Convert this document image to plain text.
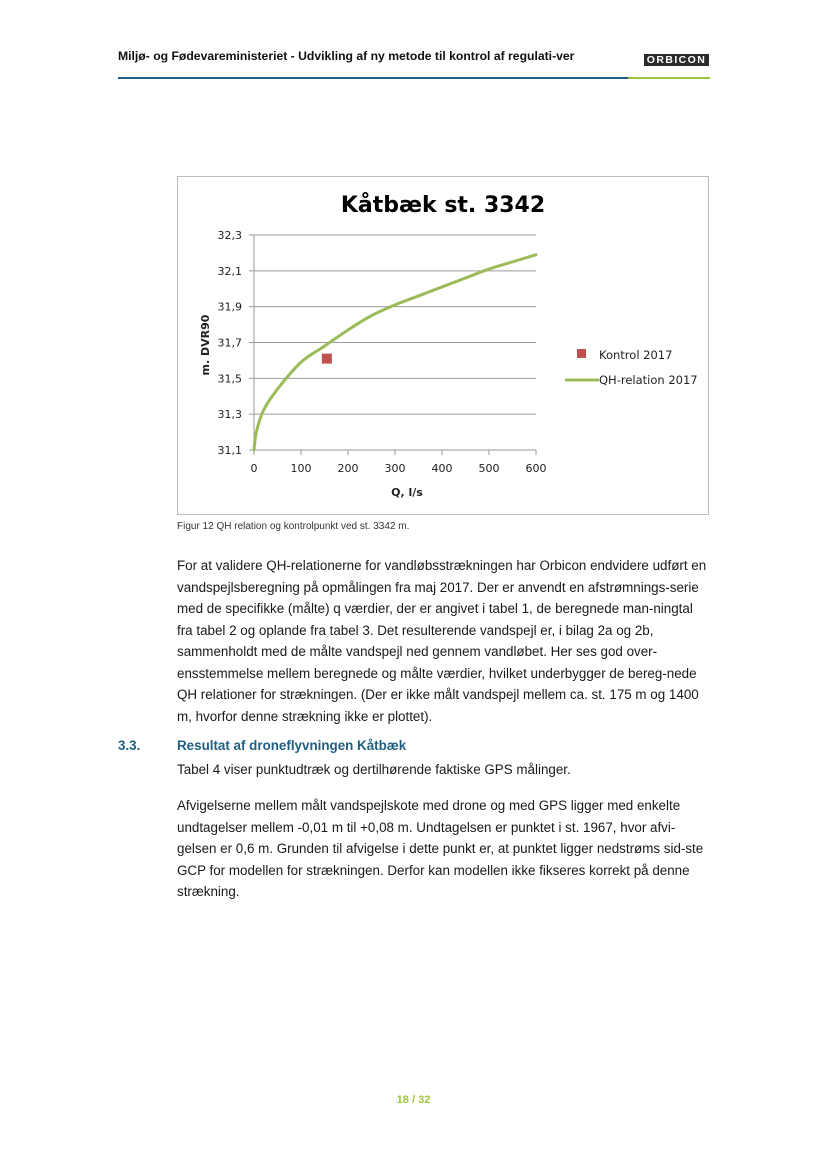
Miljø- og Fødevareministeriet - Udvikling af ny metode til kontrol af regulati-ver	ORBICON
32,3
32,1
31,9
31,7
31,5
31,3
31,1
0	100 200 300 400 500 600
Kåtbæk st. 3342
Q, l/s
m. DVR90	Kontrol 2017
QH-relation 2017
Figur 12 QH relation og kontrolpunkt ved st. 3342 m.

For at validere QH-relationerne for vandløbsstrækningen har Orbicon endvidere udført en vandspejlsberegning på opmålingen fra maj 2017. Der er anvendt en afstrømnings-serie med de specifikke (målte) q værdier, der er angivet i tabel 1, de beregnede man-ningtal fra tabel 2 og oplande fra tabel 3. Det resulterende vandspejl er, i bilag 2a og 2b, sammenholdt med de målte vandspejl ned gennem vandløbet. Her ses god over-ensstemmelse mellem beregnede og målte værdier, hvilket underbygger de bereg-nede QH relationer for strækningen. (Der er ikke målt vandspejl mellem ca. st. 175 m og 1400 m, hvorfor denne strækning ikke er plottet).

3.3.	Resultat af droneflyvningen Kåtbæk

Tabel 4 viser punktudtræk og dertilhørende faktiske GPS målinger.

Afvigelserne mellem målt vandspejlskote med drone og med GPS ligger med enkelte undtagelser mellem -0,01 m til +0,08 m. Undtagelsen er punktet i st. 1967, hvor afvi-gelsen er 0,6 m. Grunden til afvigelse i dette punkt er, at punktet ligger nedstrøms sid-ste GCP for modellen for strækningen. Derfor kan modellen ikke fikseres korrekt på denne strækning.

18 / 32
